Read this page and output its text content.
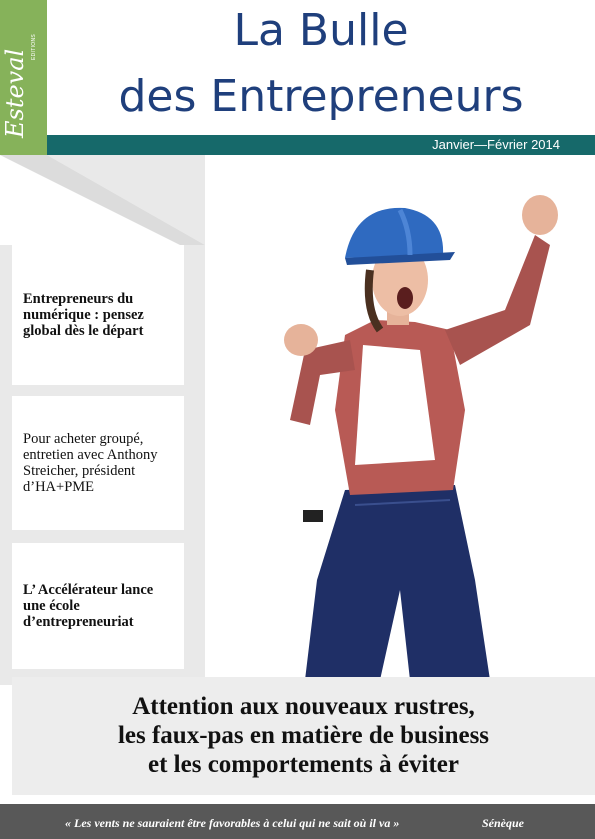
Esteval
EDITIONS	La Bulle
des Entrepreneurs
Janvier—Février 2014
Entrepreneurs du numérique : pensez global dès le départ
Pour acheter groupé, entretien avec Anthony Streicher, président d’HA+PME
L’ Accélérateur lance une école d’entrepreneuriat
Attention aux nouveaux rustres,
les faux-pas en matière de business
et les comportements à éviter
« Les vents ne sauraient être favorables à celui qui ne sait où il va »	Sénèque
